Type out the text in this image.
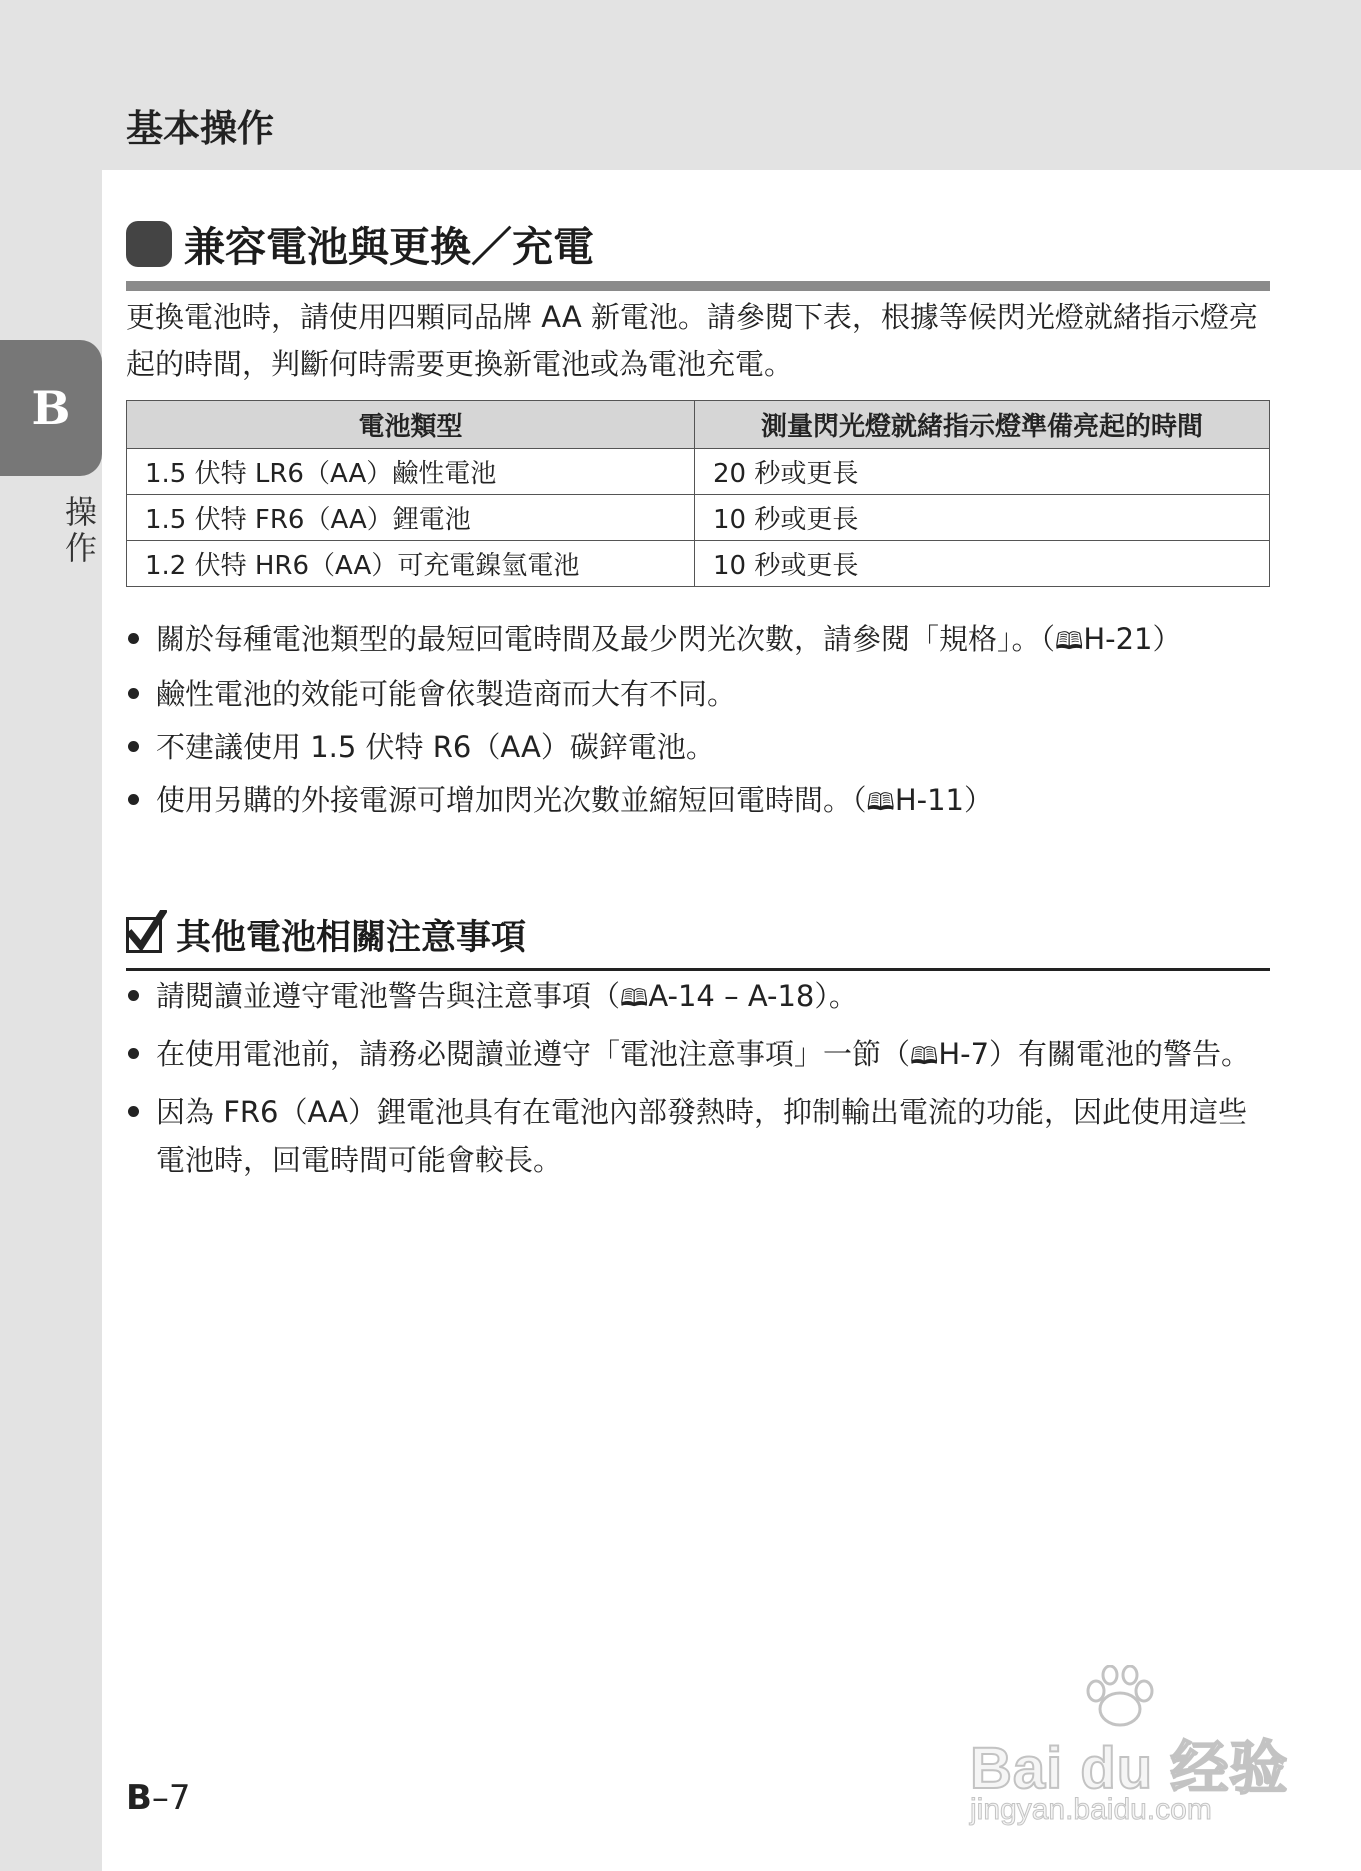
基本操作
B
操作
兼容電池與更換／充電
更換電池時，請使用四顆同品牌 AA 新電池。請參閱下表，根據等候閃光燈就緒指示燈亮起的時間，判斷何時需要更換新電池或為電池充電。
電池類型	測量閃光燈就緒指示燈準備亮起的時間
1.5 伏特 LR6（AA）鹼性電池	20 秒或更長
1.5 伏特 FR6（AA）鋰電池	10 秒或更長
1.2 伏特 HR6（AA）可充電鎳氫電池	10 秒或更長
關於每種電池類型的最短回電時間及最少閃光次數，請參閱「規格」。（🕮H-21）
鹼性電池的效能可能會依製造商而大有不同。
不建議使用 1.5 伏特 R6（AA）碳鋅電池。
使用另購的外接電源可增加閃光次數並縮短回電時間。（🕮H-11）
其他電池相關注意事項
請閱讀並遵守電池警告與注意事項（🕮A-14 – A-18）。
在使用電池前，請務必閱讀並遵守「電池注意事項」一節（🕮H-7）有關電池的警告。
因為 FR6（AA）鋰電池具有在電池內部發熱時，抑制輸出電流的功能，因此使用這些電池時，回電時間可能會較長。
B–7	Bai du 经验
jingyan.baidu.com
